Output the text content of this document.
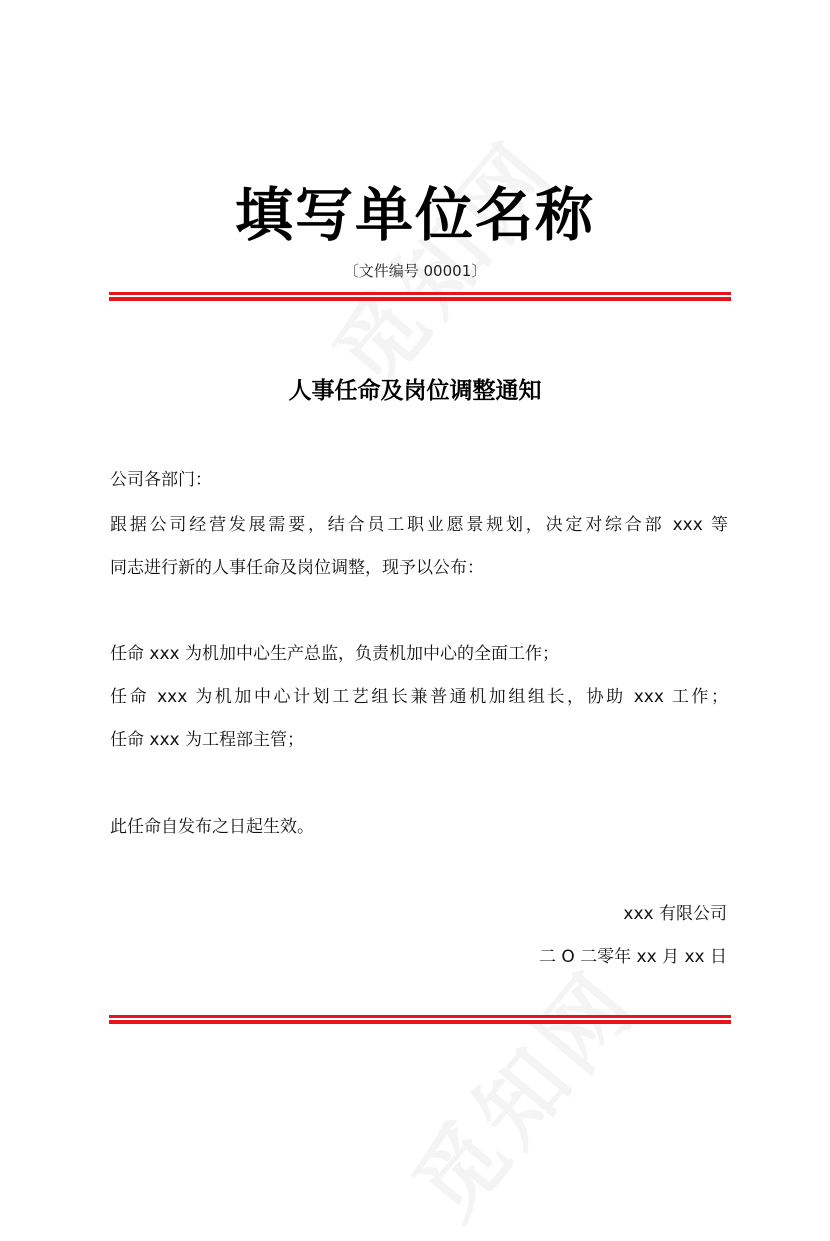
填写单位名称
〔文件编号 00001〕
人事任命及岗位调整通知
公司各部门：
跟据公司经营发展需要，结合员工职业愿景规划，决定对综合部 xxx 等
同志进行新的人事任命及岗位调整，现予以公布：
任命 xxx 为机加中心生产总监，负责机加中心的全面工作；
任命 xxx 为机加中心计划工艺组长兼普通机加组组长，协助 xxx 工作；
任命 xxx 为工程部主管；
此任命自发布之日起生效。
xxx 有限公司
二 O 二零年 xx 月 xx 日
